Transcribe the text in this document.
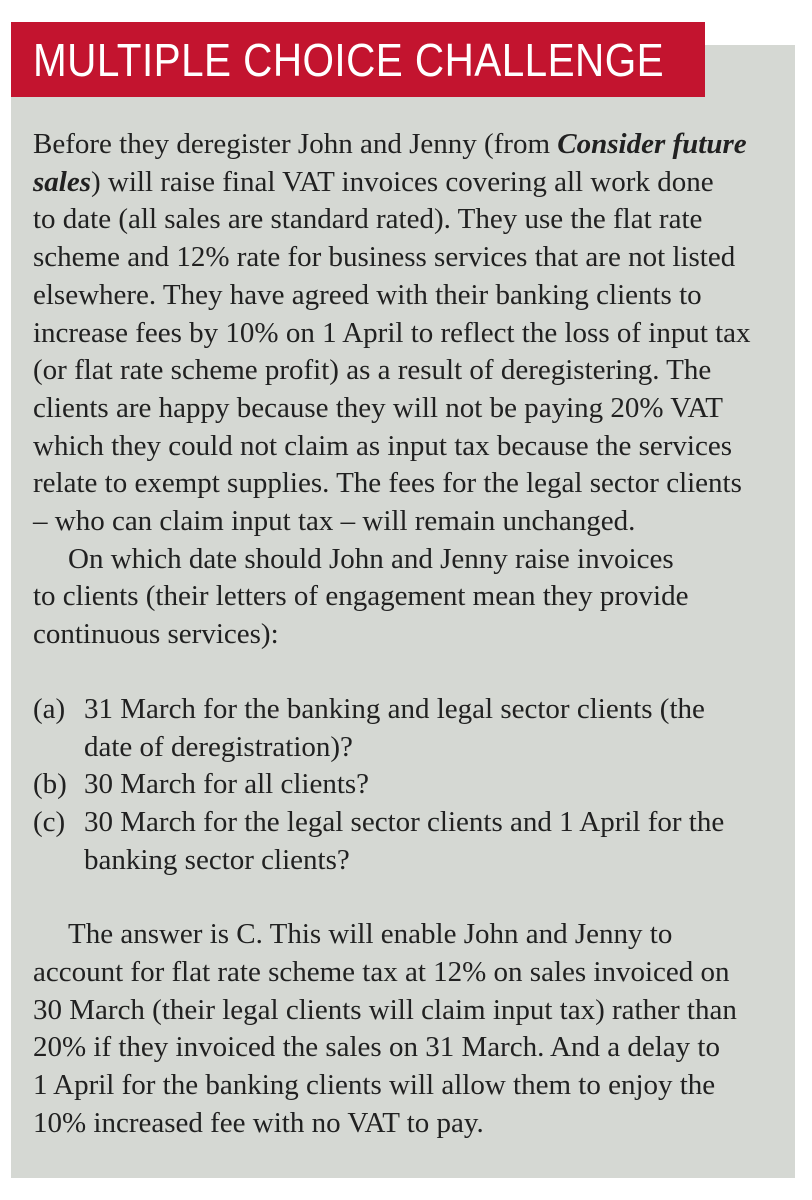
MULTIPLE CHOICE CHALLENGE
Before they deregister John and Jenny (from Consider future
sales) will raise final VAT invoices covering all work done
to date (all sales are standard rated). They use the flat rate
scheme and 12% rate for business services that are not listed
elsewhere. They have agreed with their banking clients to
increase fees by 10% on 1 April to reflect the loss of input tax
(or flat rate scheme profit) as a result of deregistering. The
clients are happy because they will not be paying 20% VAT
which they could not claim as input tax because the services
relate to exempt supplies. The fees for the legal sector clients
– who can claim input tax – will remain unchanged.
On which date should John and Jenny raise invoices
to clients (their letters of engagement mean they provide
continuous services):
(a) 31 March for the banking and legal sector clients (the
date of deregistration)?
(b) 30 March for all clients?
(c) 30 March for the legal sector clients and 1 April for the
banking sector clients?
The answer is C. This will enable John and Jenny to
account for flat rate scheme tax at 12% on sales invoiced on
30 March (their legal clients will claim input tax) rather than
20% if they invoiced the sales on 31 March. And a delay to
1 April for the banking clients will allow them to enjoy the
10% increased fee with no VAT to pay.
